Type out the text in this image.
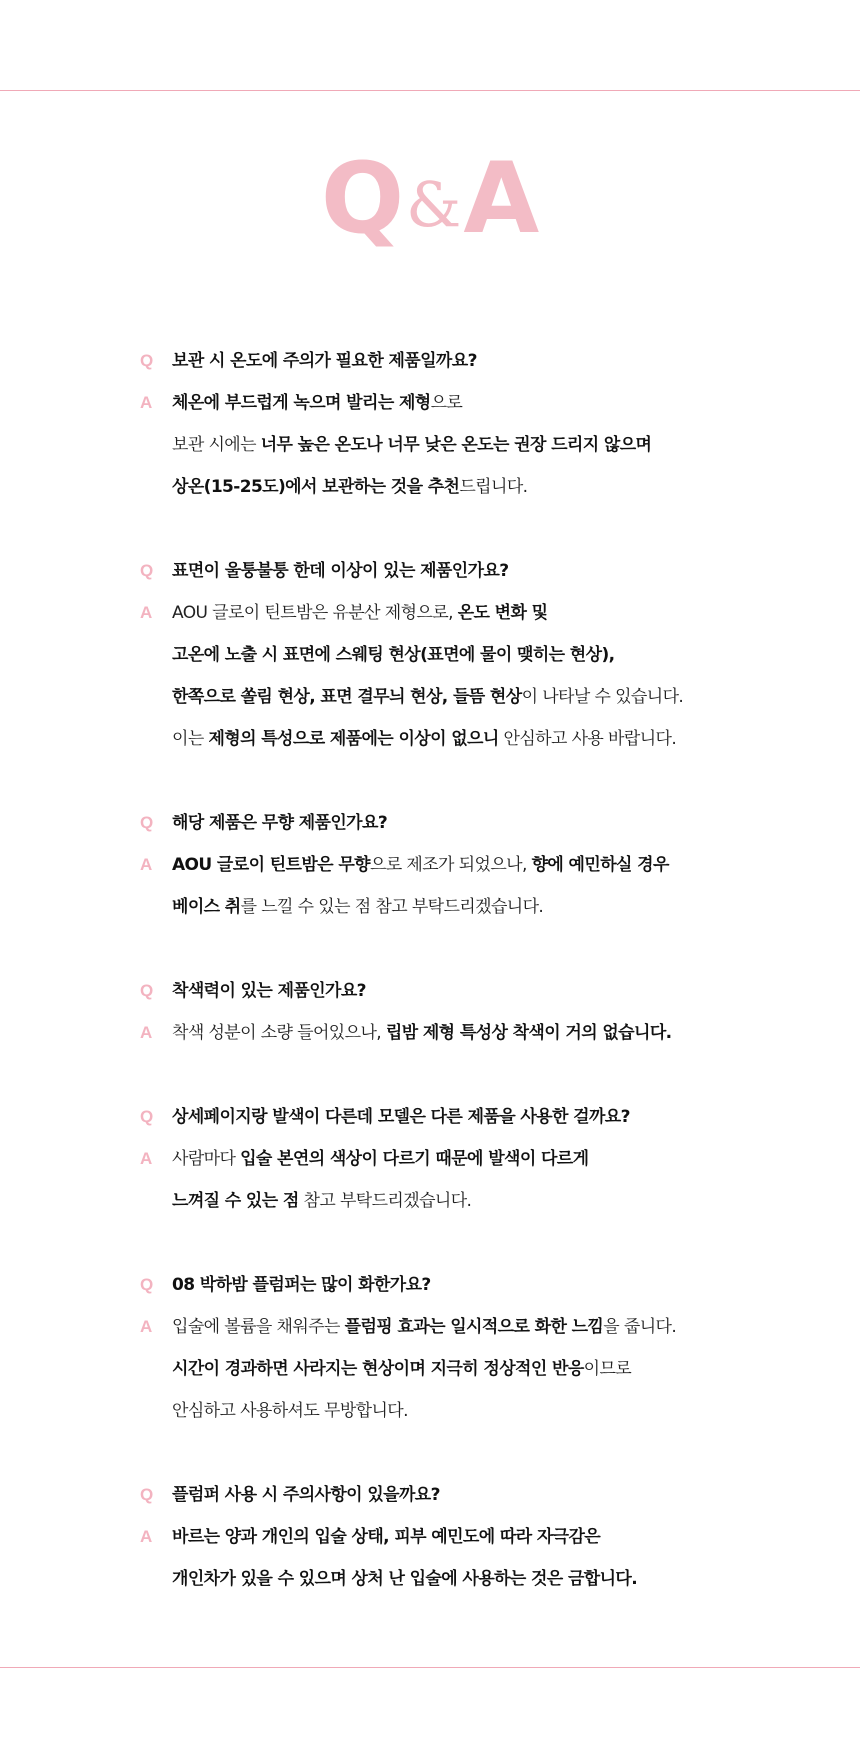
Q&A
Q	보관 시 온도에 주의가 필요한 제품일까요?
A	체온에 부드럽게 녹으며 발리는 제형으로
보관 시에는 너무 높은 온도나 너무 낮은 온도는 권장 드리지 않으며
상온(15-25도)에서 보관하는 것을 추천드립니다.
Q	표면이 울퉁불퉁 한데 이상이 있는 제품인가요?
A	AOU 글로이 틴트밤은 유분산 제형으로, 온도 변화 및
고온에 노출 시 표면에 스웨팅 현상(표면에 물이 맺히는 현상),
한쪽으로 쏠림 현상, 표면 결무늬 현상, 들뜸 현상이 나타날 수 있습니다.
이는 제형의 특성으로 제품에는 이상이 없으니 안심하고 사용 바랍니다.
Q	해당 제품은 무향 제품인가요?
A	AOU 글로이 틴트밤은 무향으로 제조가 되었으나, 향에 예민하실 경우
베이스 취를 느낄 수 있는 점 참고 부탁드리겠습니다.
Q	착색력이 있는 제품인가요?
A	착색 성분이 소량 들어있으나, 립밤 제형 특성상 착색이 거의 없습니다.
Q	상세페이지랑 발색이 다른데 모델은 다른 제품을 사용한 걸까요?
A	사람마다 입술 본연의 색상이 다르기 때문에 발색이 다르게
느껴질 수 있는 점 참고 부탁드리겠습니다.
Q	08 박하밤 플럼퍼는 많이 화한가요?
A	입술에 볼륨을 채워주는 플럼핑 효과는 일시적으로 화한 느낌을 줍니다.
시간이 경과하면 사라지는 현상이며 지극히 정상적인 반응이므로
안심하고 사용하셔도 무방합니다.
Q	플럼퍼 사용 시 주의사항이 있을까요?
A	바르는 양과 개인의 입술 상태, 피부 예민도에 따라 자극감은
개인차가 있을 수 있으며 상처 난 입술에 사용하는 것은 금합니다.
